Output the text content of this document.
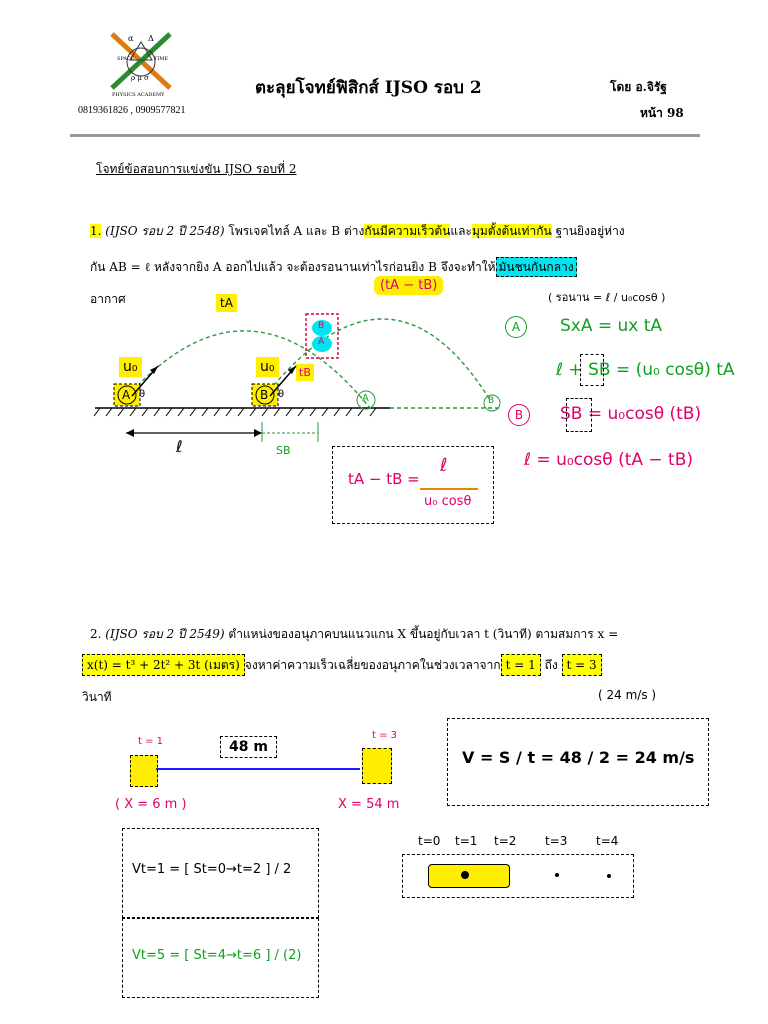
α Δ
SPACE	TIME
ρ μ σ
PHYSICS ACADEMY	ตะลุยโจทย์ฟิสิกส์ IJSO รอบ 2	โดย อ.จิรัฐ
0819361826 , 0909577821	หน้า 98
โจทย์ข้อสอบการแข่งขัน IJSO รอบที่ 2
1. (IJSO รอบ 2 ปี 2548) โพรเจคไทล์ A และ B ต่างกันมีความเร็วต้นและมุมตั้งต้นเท่ากัน ฐานยิงอยู่ห่าง
กัน AB = ℓ หลังจากยิง A ออกไปแล้ว จะต้องรอนานเท่าไรก่อนยิง B จึงจะทำให้ มันชนกันกลาง
อากาศ	( รอนาน = ℓ / u₀cosθ )
tA
(tA − tB)
u₀	u₀	tB
A	B
θ	θ
B
A
A	B
ℓ	SB
A	SxA = ux tA
ℓ + SB = (u₀ cosθ) tA
B	SB = u₀cosθ (tB)
ℓ = u₀cosθ (tA − tB)
tA − tB =
ℓ
u₀ cosθ
2. (IJSO รอบ 2 ปี 2549) ตำแหน่งของอนุภาคบนแนวแกน X ขึ้นอยู่กับเวลา t (วินาที) ตามสมการ x =
x(t) = t³ + 2t² + 3t (เมตร) จงหาค่าความเร็วเฉลี่ยของอนุภาคในช่วงเวลาจาก t = 1 ถึง t = 3
วินาที	( 24 m/s )
t = 1	48 m
t = 3
( X = 6 m )	X = 54 m
V = S / t = 48 / 2 = 24 m/s
Vt=1 = [ St=0→t=2 ] / 2
Vt=5 = [ St=4→t=6 ] / (2)
t=0 t=1 t=2 t=3 t=4
